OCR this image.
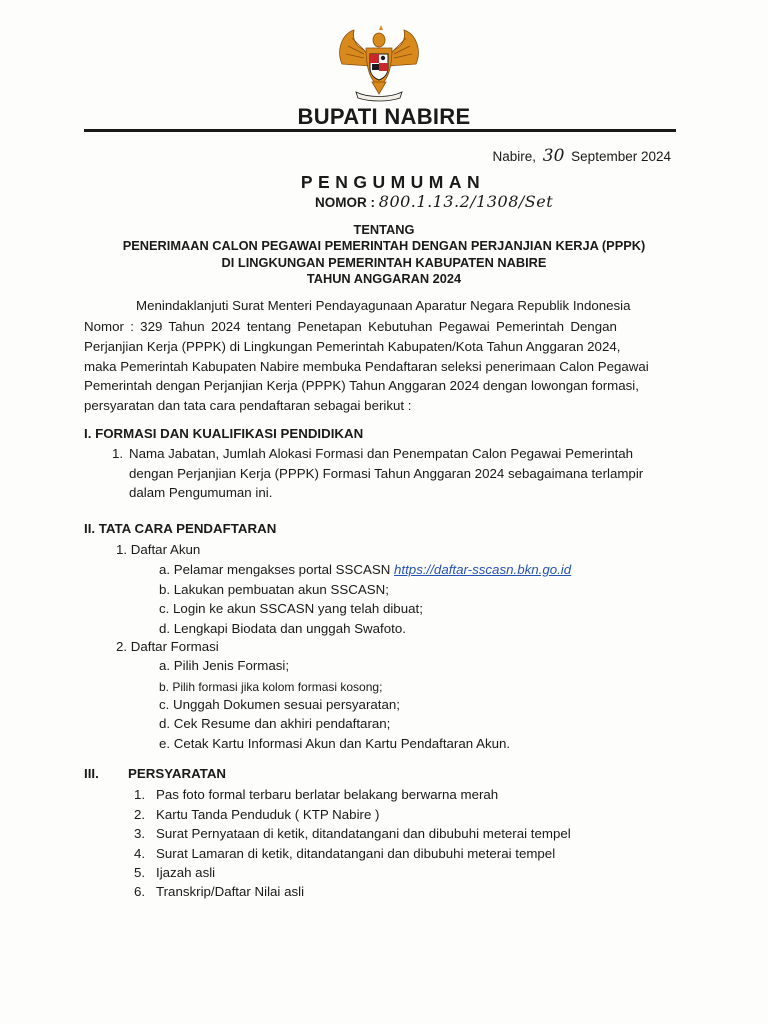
BUPATI NABIRE
Nabire, 30 September 2024
PENGUMUMAN
NOMOR : 800.1.13.2/1308/Set
TENTANG
PENERIMAAN CALON PEGAWAI PEMERINTAH DENGAN PERJANJIAN KERJA (PPPK)
DI LINGKUNGAN PEMERINTAH KABUPATEN NABIRE
TAHUN ANGGARAN 2024
Menindaklanjuti Surat Menteri Pendayagunaan Aparatur Negara Republik Indonesia
Nomor : 329 Tahun 2024 tentang Penetapan Kebutuhan Pegawai Pemerintah Dengan
Perjanjian Kerja (PPPK) di Lingkungan Pemerintah Kabupaten/Kota Tahun Anggaran 2024,
maka Pemerintah Kabupaten Nabire membuka Pendaftaran seleksi penerimaan Calon Pegawai
Pemerintah dengan Perjanjian Kerja (PPPK) Tahun Anggaran 2024 dengan lowongan formasi,
persyaratan dan tata cara pendaftaran sebagai berikut :
I. FORMASI DAN KUALIFIKASI PENDIDIKAN
1. Nama Jabatan, Jumlah Alokasi Formasi dan Penempatan Calon Pegawai Pemerintah
dengan Perjanjian Kerja (PPPK) Formasi Tahun Anggaran 2024 sebagaimana terlampir
dalam Pengumuman ini.
II. TATA CARA PENDAFTARAN
1. Daftar Akun
a. Pelamar mengakses portal SSCASN https://daftar-sscasn.bkn.go.id
b. Lakukan pembuatan akun SSCASN;
c. Login ke akun SSCASN yang telah dibuat;
d. Lengkapi Biodata dan unggah Swafoto.
2. Daftar Formasi
a. Pilih Jenis Formasi;
b. Pilih formasi jika kolom formasi kosong;
c. Unggah Dokumen sesuai persyaratan;
d. Cek Resume dan akhiri pendaftaran;
e. Cetak Kartu Informasi Akun dan Kartu Pendaftaran Akun.
III. PERSYARATAN
1. Pas foto formal terbaru berlatar belakang berwarna merah
2. Kartu Tanda Penduduk ( KTP Nabire )
3. Surat Pernyataan di ketik, ditandatangani dan dibubuhi meterai tempel
4. Surat Lamaran di ketik, ditandatangani dan dibubuhi meterai tempel
5. Ijazah asli
6. Transkrip/Daftar Nilai asli
